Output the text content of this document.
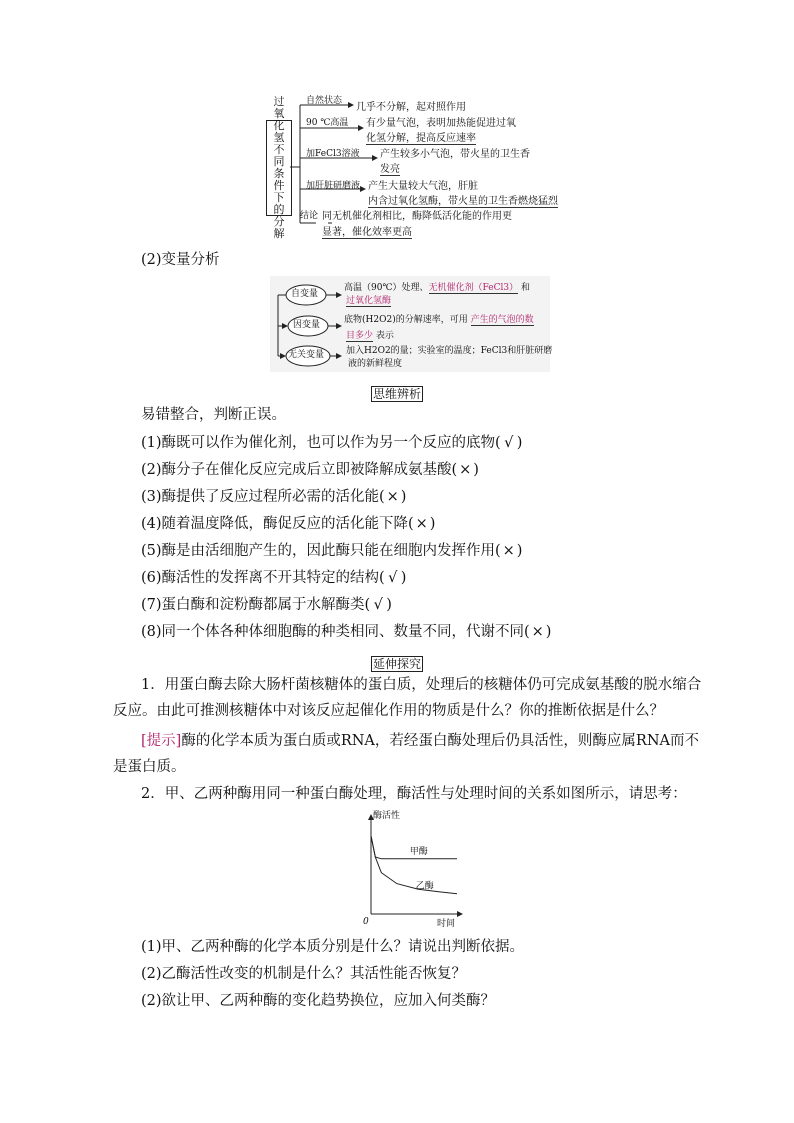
过氧化氢不同条件下的分解
自然状态
几乎不分解，起对照作用
90 ℃高温 有少量气泡，表明加热能促进过氧
化氢分解，提高反应速率
加FeCl3溶液 产生较多小气泡，带火星的卫生香
发亮
加肝脏研磨液 产生大量较大气泡，肝脏
内含过氧化氢酶，带火星的卫生香燃烧猛烈
结论 同无机催化剂相比，酶降低活化能的作用更
显著，催化效率更高
(2)变量分析
自变量
因变量
无关变量
高温（90℃）处理、无机催化剂（FeCl3） 和
过氧化氢酶
底物(H2O2)的分解速率，可用 产生的气泡的数
目多少 表示
加入H2O2的量；实验室的温度；FeCl3和肝脏研磨
液的新鲜程度
思维辨析
易错整合，判断正误。
(1)酶既可以作为催化剂，也可以作为另一个反应的底物( √ )
(2)酶分子在催化反应完成后立即被降解成氨基酸( × )
(3)酶提供了反应过程所必需的活化能( × )
(4)随着温度降低，酶促反应的活化能下降( × )
(5)酶是由活细胞产生的，因此酶只能在细胞内发挥作用( × )
(6)酶活性的发挥离不开其特定的结构( √ )
(7)蛋白酶和淀粉酶都属于水解酶类( √ )
(8)同一个体各种体细胞酶的种类相同、数量不同，代谢不同( × )
延伸探究
1．用蛋白酶去除大肠杆菌核糖体的蛋白质，处理后的核糖体仍可完成氨基酸的脱水缩合
反应。由此可推测核糖体中对该反应起催化作用的物质是什么？你的推断依据是什么？
[提示]酶的化学本质为蛋白质或RNA，若经蛋白酶处理后仍具活性，则酶应属RNA而不
是蛋白质。
2．甲、乙两种酶用同一种蛋白酶处理，酶活性与处理时间的关系如图所示，请思考：
酶活性
时间
0
甲酶
乙酶
(1)甲、乙两种酶的化学本质分别是什么？请说出判断依据。
(2)乙酶活性改变的机制是什么？其活性能否恢复？
(2)欲让甲、乙两种酶的变化趋势换位，应加入何类酶？
